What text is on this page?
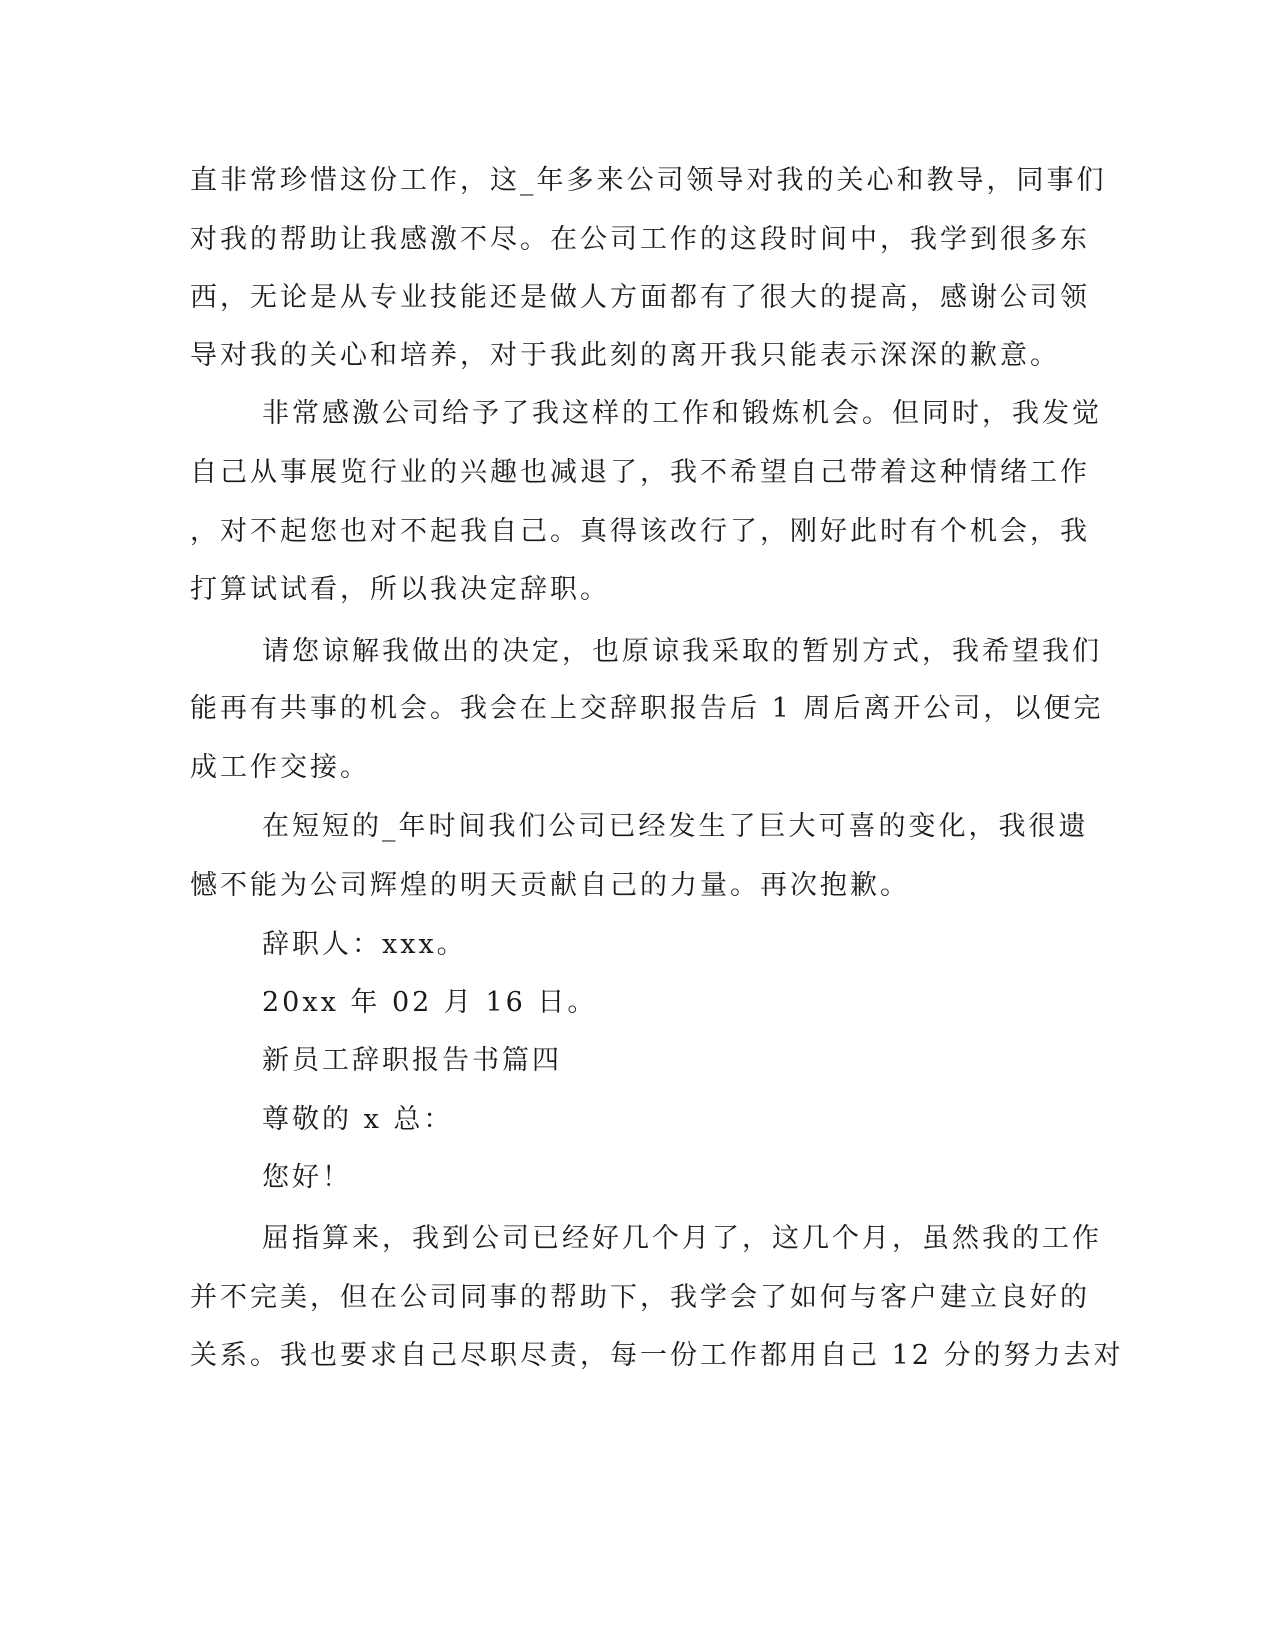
直非常珍惜这份工作，这_年多来公司领导对我的关心和教导，同事们
对我的帮助让我感激不尽。在公司工作的这段时间中，我学到很多东
西，无论是从专业技能还是做人方面都有了很大的提高，感谢公司领
导对我的关心和培养，对于我此刻的离开我只能表示深深的歉意。
非常感激公司给予了我这样的工作和锻炼机会。但同时，我发觉
自己从事展览行业的兴趣也减退了，我不希望自己带着这种情绪工作
，对不起您也对不起我自己。真得该改行了，刚好此时有个机会，我
打算试试看，所以我决定辞职。
请您谅解我做出的决定，也原谅我采取的暂别方式，我希望我们
能再有共事的机会。我会在上交辞职报告后 1 周后离开公司，以便完
成工作交接。
在短短的_年时间我们公司已经发生了巨大可喜的变化，我很遗
憾不能为公司辉煌的明天贡献自己的力量。再次抱歉。
辞职人：xxx。
20xx 年 02 月 16 日。
新员工辞职报告书篇四
尊敬的 x 总：
您好！
屈指算来，我到公司已经好几个月了，这几个月，虽然我的工作
并不完美，但在公司同事的帮助下，我学会了如何与客户建立良好的
关系。我也要求自己尽职尽责，每一份工作都用自己 12 分的努力去对
